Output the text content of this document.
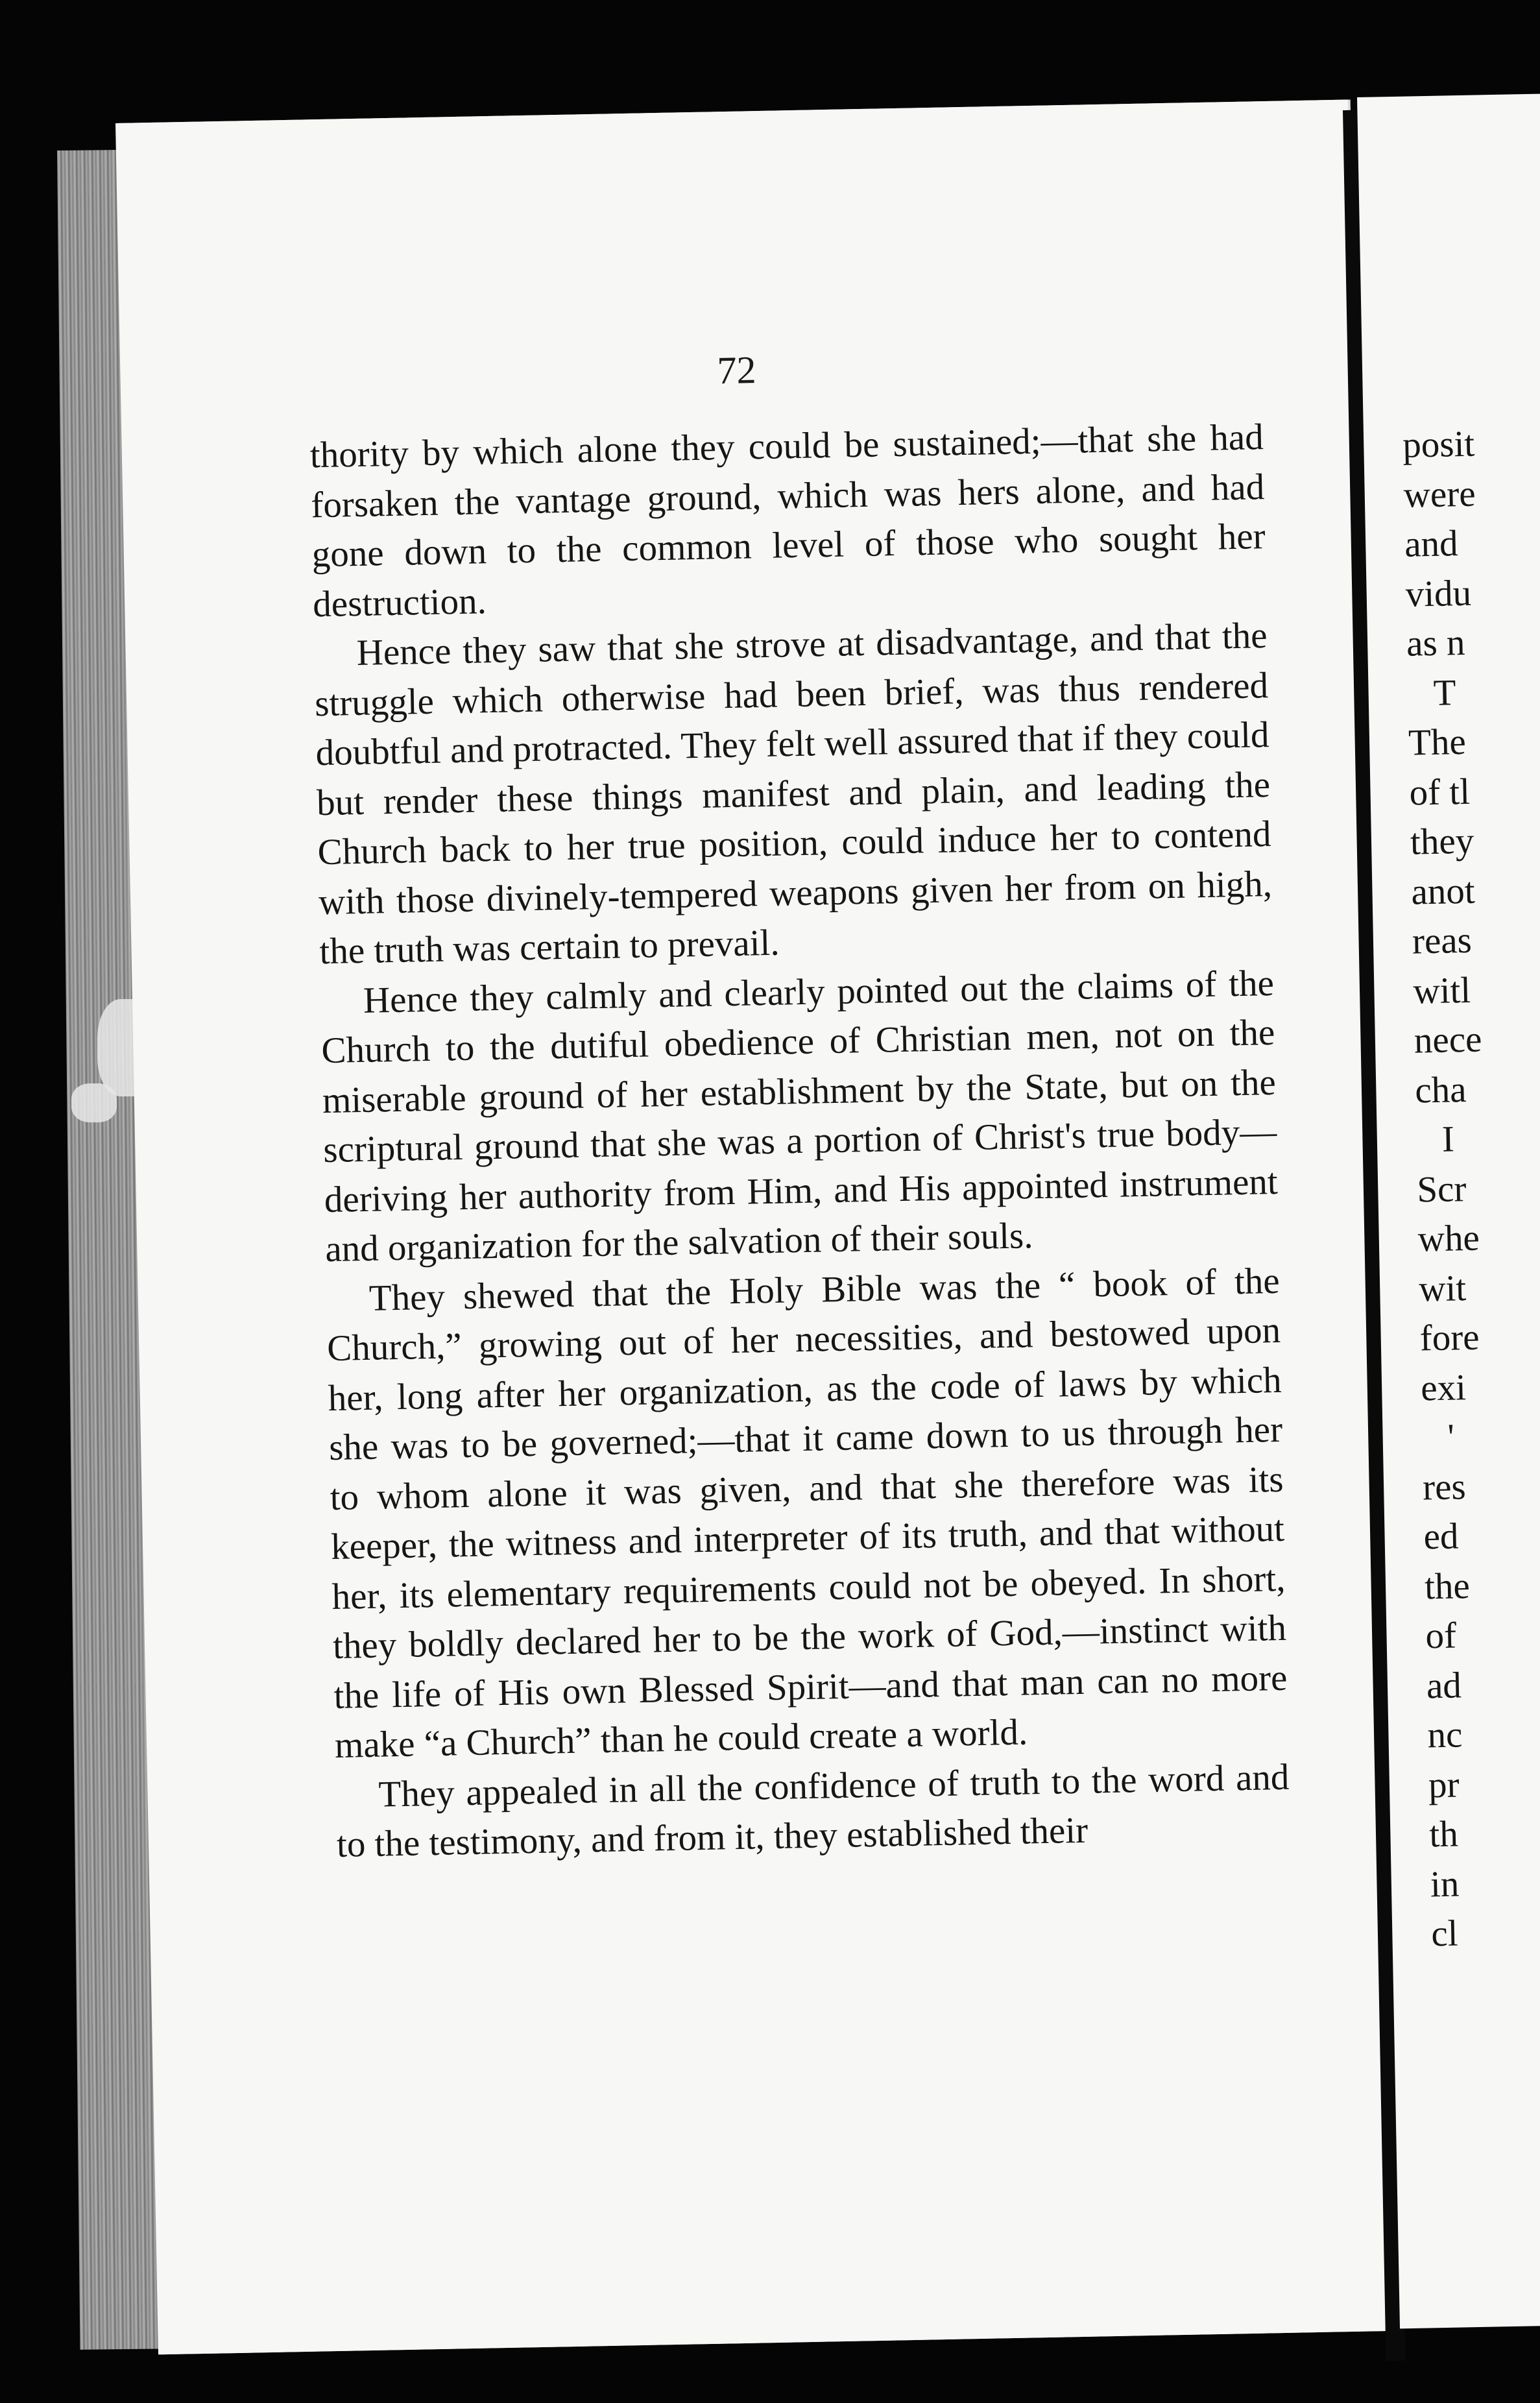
72

thority by which alone they could be sustained;—that she had forsaken the vantage ground, which was hers alone, and had gone down to the common level of those who sought her destruction.

Hence they saw that she strove at disadvantage, and that the struggle which otherwise had been brief, was thus rendered doubtful and protracted. They felt well assured that if they could but render these things manifest and plain, and leading the Church back to her true position, could induce her to contend with those divinely-tempered weapons given her from on high, the truth was certain to prevail.

Hence they calmly and clearly pointed out the claims of the Church to the dutiful obedience of Christian men, not on the miserable ground of her establishment by the State, but on the scriptural ground that she was a portion of Christ's true body—deriving her authority from Him, and His appointed instrument and organization for the salvation of their souls.

They shewed that the Holy Bible was the “ book of the Church,” growing out of her necessities, and bestowed upon her, long after her organization, as the code of laws by which she was to be governed;—that it came down to us through her to whom alone it was given, and that she therefore was its keeper, the witness and interpreter of its truth, and that without her, its elementary requirements could not be obeyed. In short, they boldly declared her to be the work of God,—instinct with the life of His own Blessed Spirit—and that man can no more make “a Church” than he could create a world.

They appealed in all the confidence of truth to the word and to the testimony, and from it, they established their

posit
were
and
vidu
as n
T
The
of tl
they
anot
reas
witl
nece
cha
I
Scr
whe
wit
fore
exi
'
res
ed
the
of
ad
nc
pr
th
in
cl
